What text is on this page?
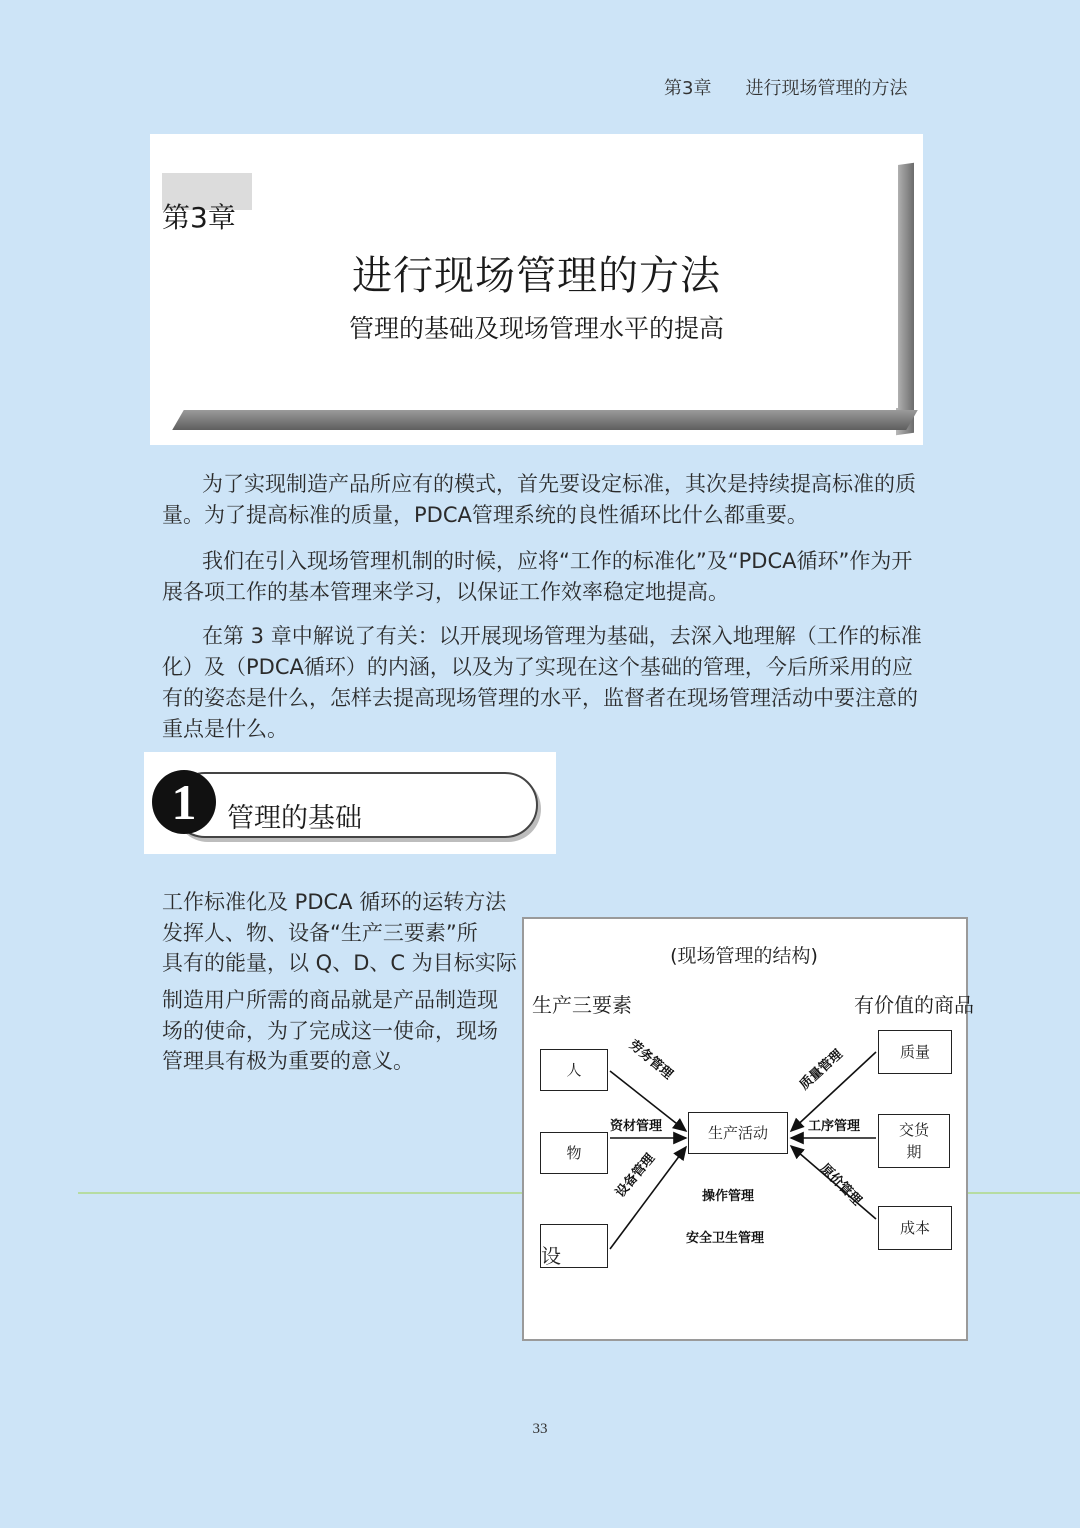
第3章 进行现场管理的方法
第3章
进行现场管理的方法
管理的基础及现场管理水平的提高

为了实现制造产品所应有的模式，首先要设定标准，其次是持续提高标准的质量。为了提高标准的质量，PDCA管理系统的良性循环比什么都重要。

我们在引入现场管理机制的时候，应将“工作的标准化”及“PDCA循环”作为开展各项工作的基本管理来学习，以保证工作效率稳定地提高。

在第 3 章中解说了有关：以开展现场管理为基础，去深入地理解（工作的标准化）及（PDCA循环）的内涵，以及为了实现在这个基础的管理，今后所采用的应有的姿态是什么，怎样去提高现场管理的水平，监督者在现场管理活动中要注意的重点是什么。

1	管理的基础

工作标准化及 PDCA 循环的运转方法

发挥人、物、设备“生产三要素”所

具有的能量，以 Q、D、C 为目标实际

制造用户所需的商品就是产品制造现

场的使命，为了完成这一使命，现场

管理具有极为重要的意义。

(现场管理的结构)
生产三要素	有价值的商品
人
物
设
生产活动
质量
交货
期
成本
劳务管理
资材管理
设备管理
质量管理
工序管理
原价管理
操作管理
安全卫生管理
33
